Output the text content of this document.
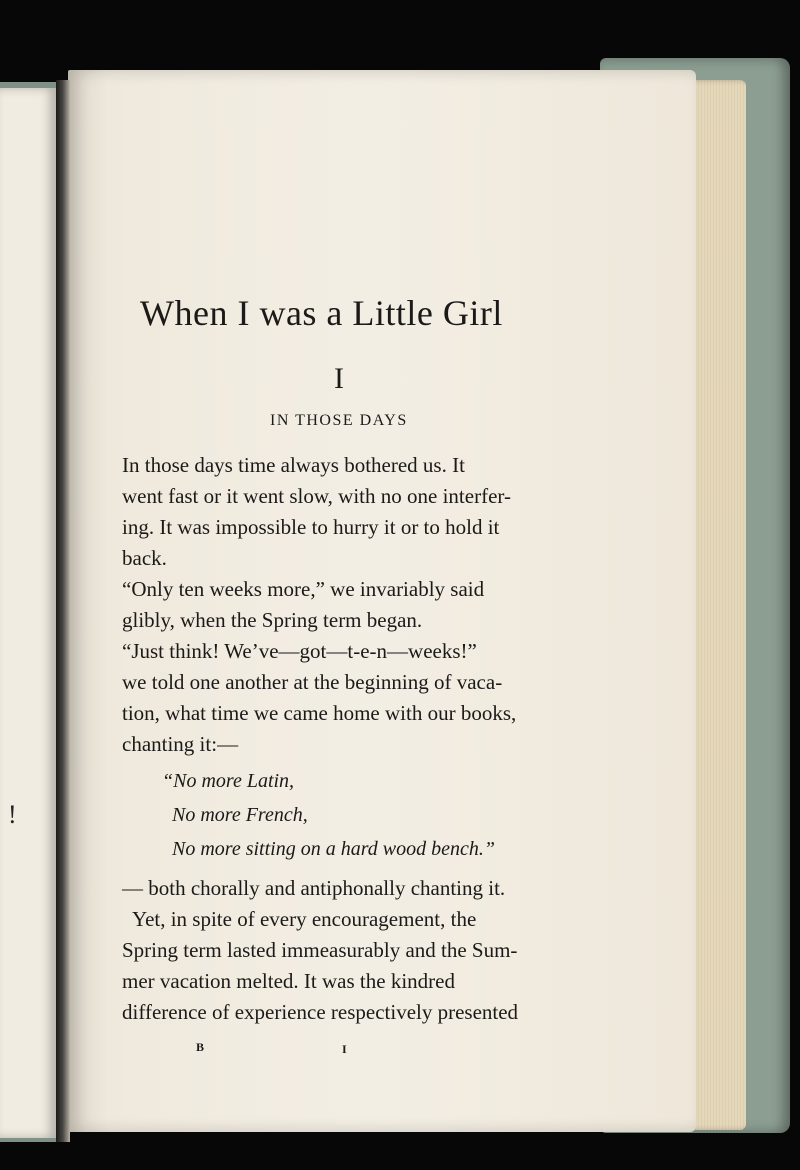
!
When I was a Little Girl
I
IN THOSE DAYS
In those days time always bothered us. It
went fast or it went slow, with no one interfer-
ing. It was impossible to hurry it or to hold it
back.
“Only ten weeks more,” we invariably said
glibly, when the Spring term began.
“Just think! We’ve—got—t-e-n—weeks!”
we told one another at the beginning of vaca-
tion, what time we came home with our books,
chanting it:—
“No more Latin,
No more French,
No more sitting on a hard wood bench.”
— both chorally and antiphonally chanting it.
Yet, in spite of every encouragement, the
Spring term lasted immeasurably and the Sum-
mer vacation melted. It was the kindred
difference of experience respectively presented
B	I
